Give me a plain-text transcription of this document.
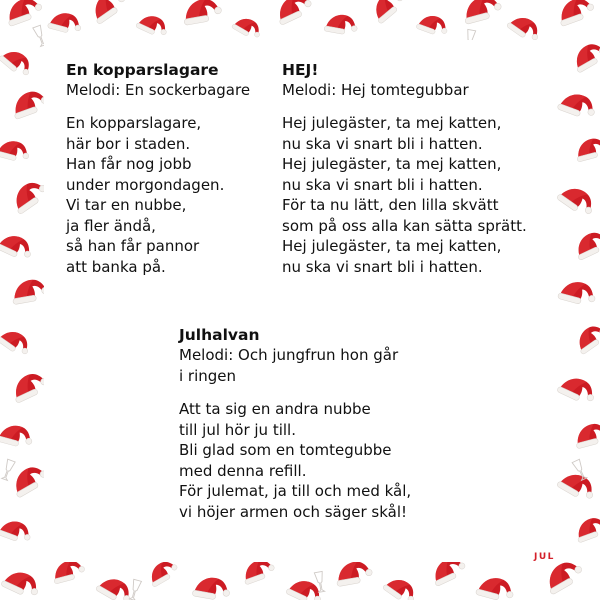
En kopparslagare
Melodi: En sockerbagare
En kopparslagare,
här bor i staden.
Han får nog jobb
under morgondagen.
Vi tar en nubbe,
ja fler ändå,
så han får pannor
att banka på.
HEJ!
Melodi: Hej tomtegubbar
Hej julegäster, ta mej katten,
nu ska vi snart bli i hatten.
Hej julegäster, ta mej katten,
nu ska vi snart bli i hatten.
För ta nu lätt, den lilla skvätt
som på oss alla kan sätta sprätt.
Hej julegäster, ta mej katten,
nu ska vi snart bli i hatten.
Julhalvan
Melodi: Och jungfrun hon går
i ringen
Att ta sig en andra nubbe
till jul hör ju till.
Bli glad som en tomtegubbe
med denna refill.
För julemat, ja till och med kål,
vi höjer armen och säger skål!
JUL
